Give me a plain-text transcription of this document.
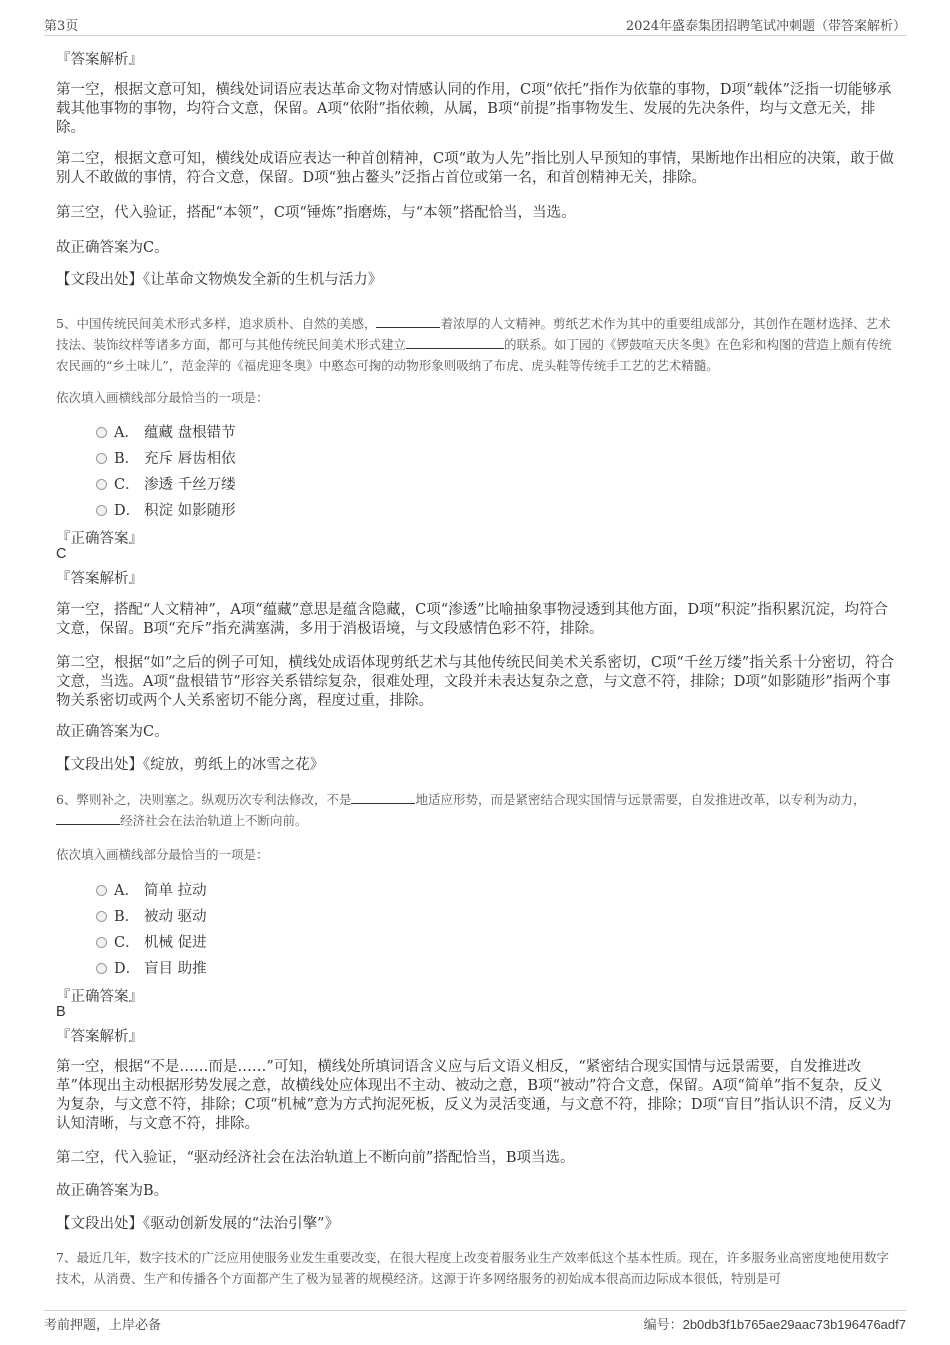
第3页	2024年盛泰集团招聘笔试冲刺题（带答案解析）
『答案解析』
第一空，根据文意可知，横线处词语应表达革命文物对情感认同的作用，C项“依托”指作为依靠的事物，D项“载体”泛指一切能够承载其他事物的事物，均符合文意，保留。A项“依附”指依赖，从属，B项“前提”指事物发生、发展的先决条件，均与文意无关，排除。
第二空，根据文意可知，横线处成语应表达一种首创精神，C项“敢为人先”指比别人早预知的事情，果断地作出相应的决策，敢于做别人不敢做的事情，符合文意，保留。D项“独占鳌头”泛指占首位或第一名，和首创精神无关，排除。
第三空，代入验证，搭配“本领”，C项“锤炼”指磨炼，与“本领”搭配恰当，当选。
故正确答案为C。
【文段出处】《让革命文物焕发全新的生机与活力》
5、中国传统民间美术形式多样，追求质朴、自然的美感，	着浓厚的人文精神。剪纸艺术作为其中的重要组成部分，其创作在题材选择、艺术技法、装饰纹样等诸多方面，都可与其他传统民间美术形式建立	的联系。如丁园的《锣鼓喧天庆冬奥》在色彩和构图的营造上颇有传统农民画的“乡土味儿”，范金萍的《福虎迎冬奥》中憨态可掬的动物形象则吸纳了布虎、虎头鞋等传统手工艺的艺术精髓。
依次填入画横线部分最恰当的一项是：
A． 蕴藏 盘根错节
B． 充斥 唇齿相依
C． 渗透 千丝万缕
D． 积淀 如影随形
『正确答案』
C
『答案解析』
第一空，搭配“人文精神”，A项“蕴藏”意思是蕴含隐藏，C项“渗透”比喻抽象事物浸透到其他方面，D项“积淀”指积累沉淀，均符合文意，保留。B项“充斥”指充满塞满，多用于消极语境，与文段感情色彩不符，排除。
第二空，根据“如”之后的例子可知，横线处成语体现剪纸艺术与其他传统民间美术关系密切，C项“千丝万缕”指关系十分密切，符合文意，当选。A项“盘根错节”形容关系错综复杂，很难处理，文段并未表达复杂之意，与文意不符，排除；D项“如影随形”指两个事物关系密切或两个人关系密切不能分离，程度过重，排除。
故正确答案为C。
【文段出处】《绽放，剪纸上的冰雪之花》
6、弊则补之，决则塞之。纵观历次专利法修改，不是	地适应形势，而是紧密结合现实国情与远景需要，自发推进改革，以专利为动力，经济社会在法治轨道上不断向前。
依次填入画横线部分最恰当的一项是：
A． 简单 拉动
B． 被动 驱动
C． 机械 促进
D． 盲目 助推
『正确答案』
B
『答案解析』
第一空，根据“不是……而是……”可知，横线处所填词语含义应与后文语义相反，“紧密结合现实国情与远景需要，自发推进改革”体现出主动根据形势发展之意，故横线处应体现出不主动、被动之意，B项“被动”符合文意，保留。A项“简单”指不复杂，反义为复杂，与文意不符，排除；C项“机械”意为方式拘泥死板，反义为灵活变通，与文意不符，排除；D项“盲目”指认识不清，反义为认知清晰，与文意不符，排除。
第二空，代入验证，“驱动经济社会在法治轨道上不断向前”搭配恰当，B项当选。
故正确答案为B。
【文段出处】《驱动创新发展的“法治引擎”》
7、最近几年，数字技术的广泛应用使服务业发生重要改变，在很大程度上改变着服务业生产效率低这个基本性质。现在，许多服务业高密度地使用数字技术，从消费、生产和传播各个方面都产生了极为显著的规模经济。这源于许多网络服务的初始成本很高而边际成本很低，特别是可
考前押题，上岸必备	编号：2b0db3f1b765ae29aac73b196476adf7
